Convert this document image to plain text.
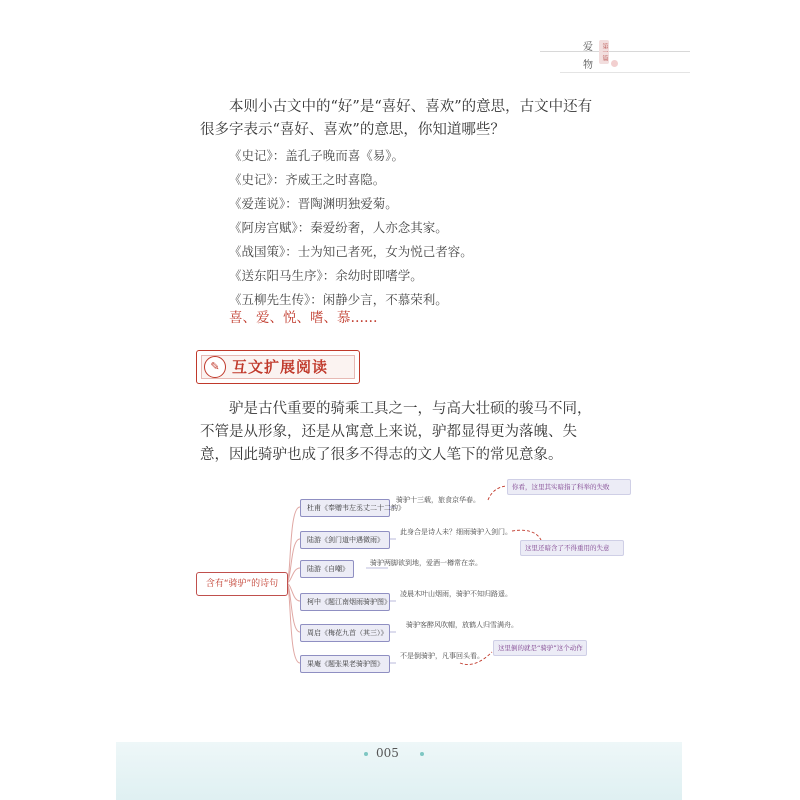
爱
物
第一篇
本则小古文中的“好”是“喜好、喜欢”的意思，古文中还有很多字表示“喜好、喜欢”的意思，你知道哪些？
《史记》：盖孔子晚而喜《易》。
《史记》：齐威王之时喜隐。
《爱莲说》：晋陶渊明独爱菊。
《阿房宫赋》：秦爱纷奢，人亦念其家。
《战国策》：士为知己者死，女为悦己者容。
《送东阳马生序》：余幼时即嗜学。
《五柳先生传》：闲静少言，不慕荣利。
喜、爱、悦、嗜、慕……
✎ 互文扩展阅读
驴是古代重要的骑乘工具之一，与高大壮硕的骏马不同，不管是从形象，还是从寓意上来说，驴都显得更为落魄、失意，因此骑驴也成了很多不得志的文人笔下的常见意象。
含有“骑驴”的诗句
杜甫《奉赠韦左丞丈二十二韵》
陆游《剑门道中遇微雨》
陆游《自嘲》
柯中《题江南烟雨骑驴图》
周启《梅花九首（其三）》
果庵《题张果老骑驴图》
骑驴十三载，旅食京华春。
此身合是诗人未？细雨骑驴入剑门。
骑驴两脚欲到地，爱酒一樽常在亲。
凌晨木叶山烟雨，骑驴不知归路遥。
骑驴客醉风吹帽，放鹤人归雪满舟。
不是倒骑驴，凡事回头看。
你看，这里其实暗指了科举的失败
这里还暗含了不得重用的失意
这里倒的就是“骑驴”这个动作
005
